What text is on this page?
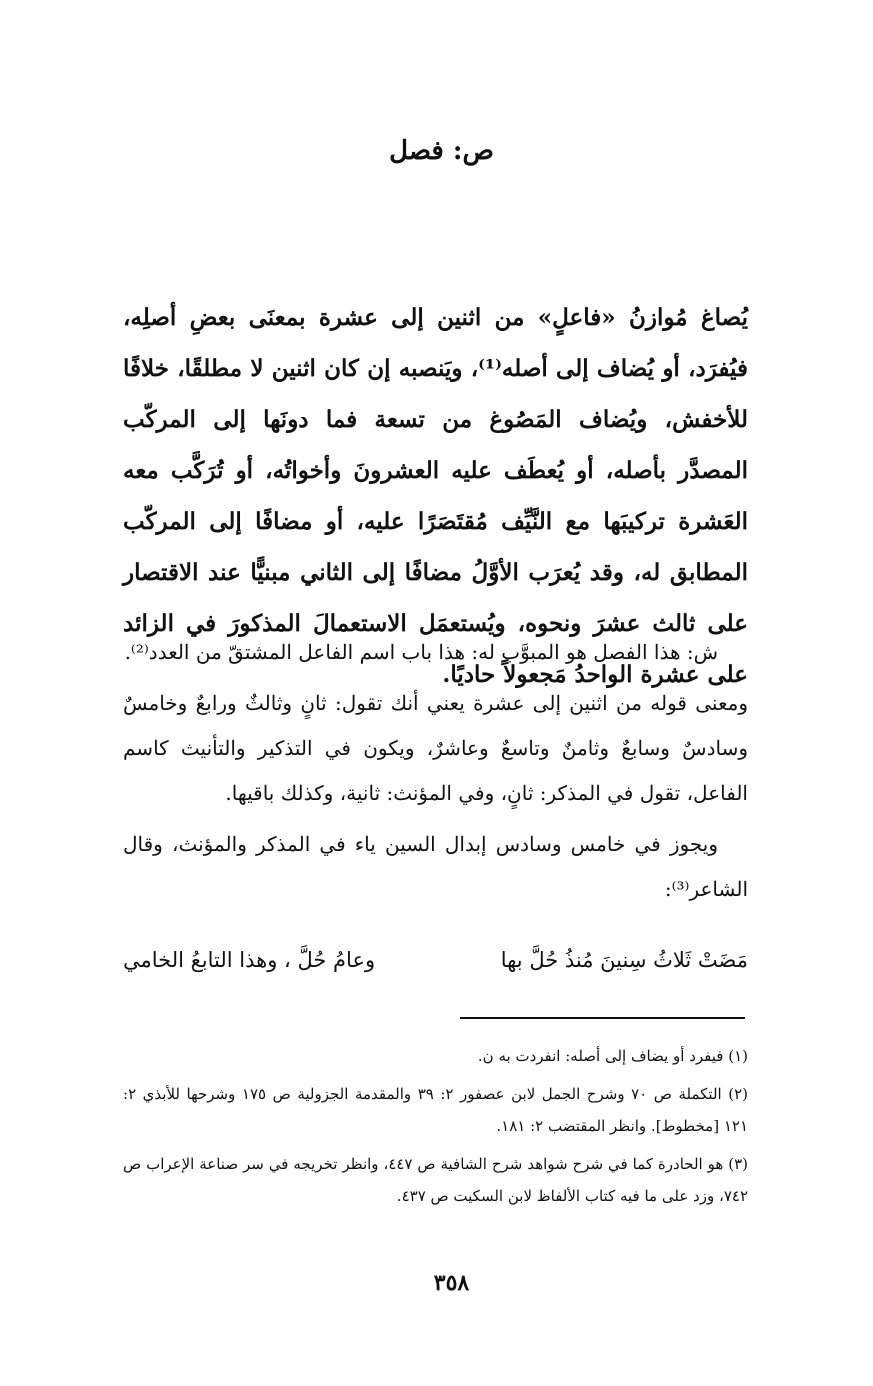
ص: فصل
يُصاغ مُوازنُ «فاعلٍ» من اثنين إلى عشرة بمعنَى بعضِ أصلِه، فيُفرَد، أو يُضاف إلى أصله⁽¹⁾، ويَنصبه إن كان اثنين لا مطلقًا، خلافًا للأخفش، ويُضاف المَصُوغ من تسعة فما دونَها إلى المركّب المصدَّر بأصله، أو يُعطَف عليه العشرونَ وأخواتُه، أو تُرَكَّب معه العَشرة تركيبَها مع النَّيِّف مُقتَصَرًا عليه، أو مضافًا إلى المركّب المطابق له، وقد يُعرَب الأوَّلُ مضافًا إلى الثاني مبنيًّا عند الاقتصار على ثالث عشرَ ونحوه، ويُستعمَل الاستعمالَ المذكورَ في الزائد على عشرة الواحدُ مَجعولاً حاديًا.

ش: هذا الفصل هو المبوَّب له: هذا باب اسم الفاعل المشتقّ من العدد⁽²⁾.

ومعنى قوله من اثنين إلى عشرة يعني أنك تقول: ثانٍ وثالثٌ ورابعٌ وخامسٌ وسادسٌ وسابعٌ وثامنٌ وتاسعٌ وعاشرٌ، ويكون في التذكير والتأنيث كاسم الفاعل، تقول في المذكر: ثانٍ، وفي المؤنث: ثانية، وكذلك باقيها.

ويجوز في خامس وسادس إبدال السين ياء في المذكر والمؤنث، وقال الشاعر⁽³⁾:

مَضَتْ ثَلاثُ سِنينَ مُنذُ حُلَّ بها
وعامُ حُلَّ ، وهذا التابعُ الخامي

(١) فيفرد أو يضاف إلى أصله: انفردت به ن.

(٢) التكملة ص ٧٠ وشرح الجمل لابن عصفور ٢: ٣٩ والمقدمة الجزولية ص ١٧٥ وشرحها للأبذي ٢: ١٢١ [مخطوط]. وانظر المقتضب ٢: ١٨١.

(٣) هو الحادرة كما في شرح شواهد شرح الشافية ص ٤٤٧، وانظر تخريجه في سر صناعة الإعراب ص ٧٤٢، وزد على ما فيه كتاب الألفاظ لابن السكيت ص ٤٣٧.

٣٥٨
